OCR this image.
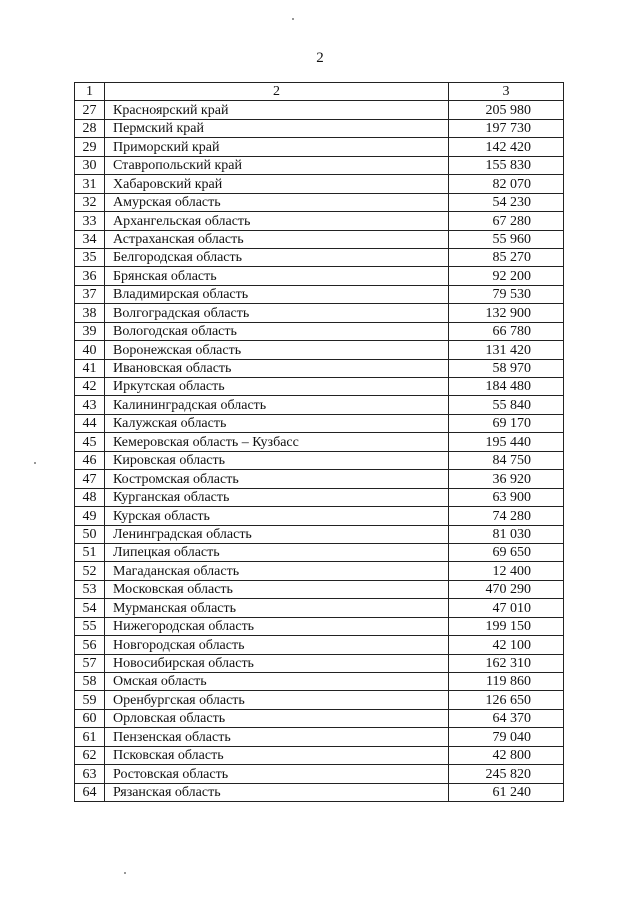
2
1	2	3
27	Красноярский край	205 980
28	Пермский край	197 730
29	Приморский край	142 420
30	Ставропольский край	155 830
31	Хабаровский край	82 070
32	Амурская область	54 230
33	Архангельская область	67 280
34	Астраханская область	55 960
35	Белгородская область	85 270
36	Брянская область	92 200
37	Владимирская область	79 530
38	Волгоградская область	132 900
39	Вологодская область	66 780
40	Воронежская область	131 420
41	Ивановская область	58 970
42	Иркутская область	184 480
43	Калининградская область	55 840
44	Калужская область	69 170
45	Кемеровская область – Кузбасс	195 440
46	Кировская область	84 750
47	Костромская область	36 920
48	Курганская область	63 900
49	Курская область	74 280
50	Ленинградская область	81 030
51	Липецкая область	69 650
52	Магаданская область	12 400
53	Московская область	470 290
54	Мурманская область	47 010
55	Нижегородская область	199 150
56	Новгородская область	42 100
57	Новосибирская область	162 310
58	Омская область	119 860
59	Оренбургская область	126 650
60	Орловская область	64 370
61	Пензенская область	79 040
62	Псковская область	42 800
63	Ростовская область	245 820
64	Рязанская область	61 240
